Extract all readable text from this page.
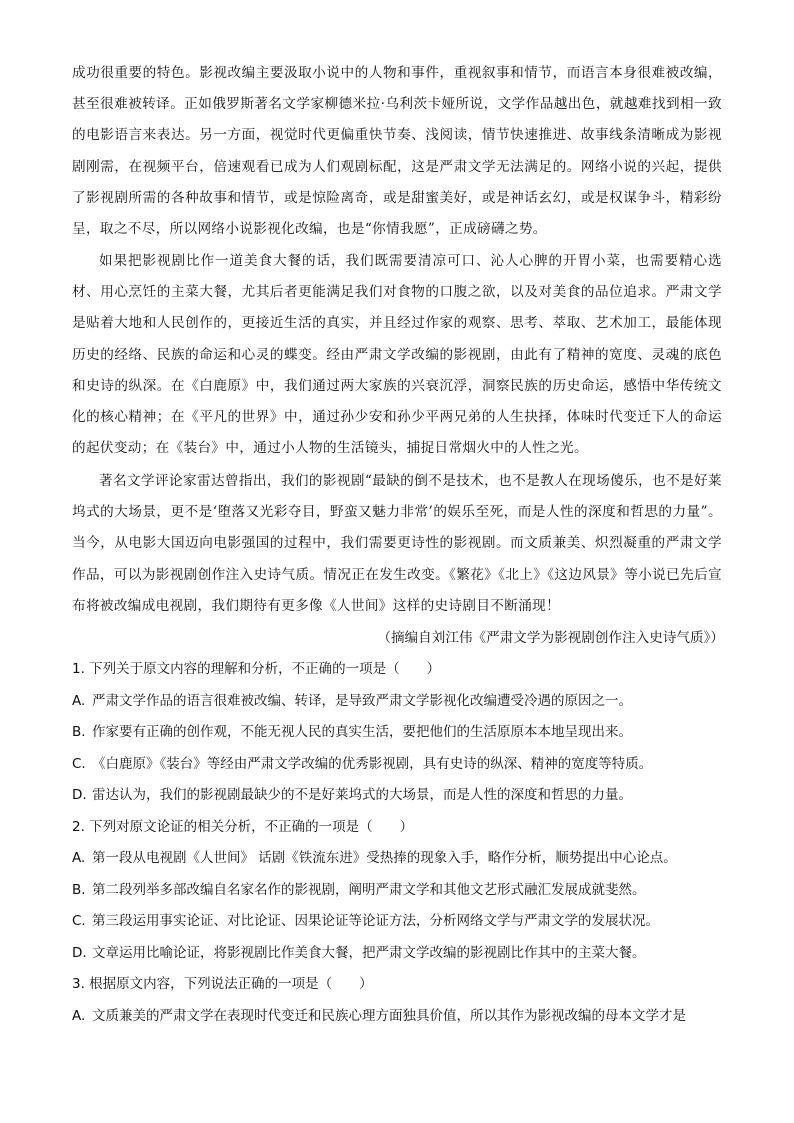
成功很重要的特色。影视改编主要汲取小说中的人物和事件，重视叙事和情节，而语言本身很难被改编，甚至很难被转译。正如俄罗斯著名文学家柳德米拉·乌利茨卡娅所说，文学作品越出色，就越难找到相一致的电影语言来表达。另一方面，视觉时代更偏重快节奏、浅阅读，情节快速推进、故事线条清晰成为影视剧刚需，在视频平台，倍速观看已成为人们观剧标配，这是严肃文学无法满足的。网络小说的兴起，提供了影视剧所需的各种故事和情节，或是惊险离奇，或是甜蜜美好，或是神话玄幻，或是权谋争斗，精彩纷呈，取之不尽，所以网络小说影视化改编，也是“你情我愿”，正成磅礴之势。

如果把影视剧比作一道美食大餐的话，我们既需要清凉可口、沁人心脾的开胃小菜，也需要精心选材、用心烹饪的主菜大餐，尤其后者更能满足我们对食物的口腹之欲，以及对美食的品位追求。严肃文学是贴着大地和人民创作的，更接近生活的真实，并且经过作家的观察、思考、萃取、艺术加工，最能体现历史的经络、民族的命运和心灵的蝶变。经由严肃文学改编的影视剧，由此有了精神的宽度、灵魂的底色和史诗的纵深。在《白鹿原》中，我们通过两大家族的兴衰沉浮，洞察民族的历史命运，感悟中华传统文化的核心精神；在《平凡的世界》中，通过孙少安和孙少平两兄弟的人生抉择，体味时代变迁下人的命运的起伏变动；在《装台》中，通过小人物的生活镜头，捕捉日常烟火中的人性之光。

著名文学评论家雷达曾指出，我们的影视剧“最缺的倒不是技术，也不是教人在现场傻乐，也不是好莱坞式的大场景，更不是‘堕落又光彩夺目，野蛮又魅力非常’的娱乐至死，而是人性的深度和哲思的力量”。当今，从电影大国迈向电影强国的过程中，我们需要更诗性的影视剧。而文质兼美、炽烈凝重的严肃文学作品，可以为影视剧创作注入史诗气质。情况正在发生改变。《繁花》《北上》《这边风景》等小说已先后宣布将被改编成电视剧，我们期待有更多像《人世间》这样的史诗剧目不断涌现！

（摘编自刘江伟《严肃文学为影视剧创作注入史诗气质》）
1. 下列关于原文内容的理解和分析，不正确的一项是（　　）
A. 严肃文学作品的语言很难被改编、转译，是导致严肃文学影视化改编遭受冷遇的原因之一。
B. 作家要有正确的创作观，不能无视人民的真实生活，要把他们的生活原原本本地呈现出来。
C. 《白鹿原》《装台》等经由严肃文学改编的优秀影视剧，具有史诗的纵深、精神的宽度等特质。
D. 雷达认为，我们的影视剧最缺少的不是好莱坞式的大场景，而是人性的深度和哲思的力量。
2. 下列对原文论证的相关分析，不正确的一项是（　　）
A. 第一段从电视剧《人世间》 话剧《铁流东进》受热捧的现象入手，略作分析，顺势提出中心论点。
B. 第二段列举多部改编自名家名作的影视剧，阐明严肃文学和其他文艺形式融汇发展成就斐然。
C. 第三段运用事实论证、对比论证、因果论证等论证方法，分析网络文学与严肃文学的发展状况。
D. 文章运用比喻论证，将影视剧比作美食大餐，把严肃文学改编的影视剧比作其中的主菜大餐。
3. 根据原文内容，下列说法正确的一项是（　　）
A. 文质兼美的严肃文学在表现时代变迁和民族心理方面独具价值，所以其作为影视改编的母本文学才是
